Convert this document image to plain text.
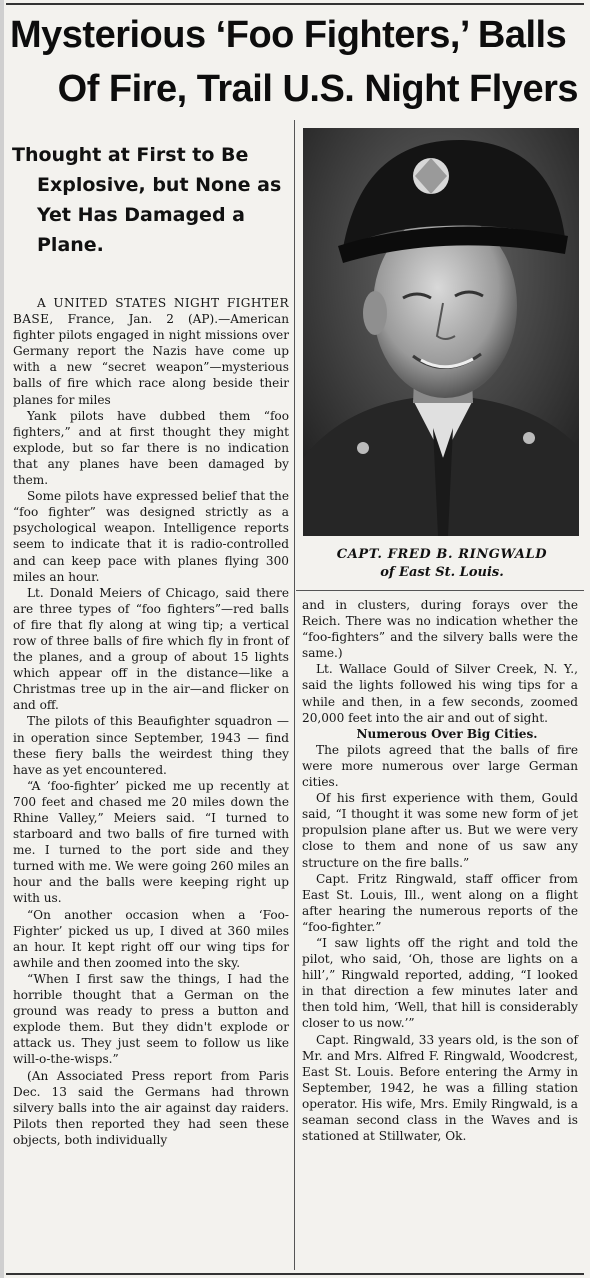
Mysterious ‘Foo Fighters,’ Balls
Of Fire, Trail U.S. Night Flyers
Thought at First to Be
Explosive, but None as
Yet Has Damaged a
Plane.
CAPT. FRED B. RINGWALD
of East St. Louis.

A UNITED STATES NIGHT FIGHTER BASE, France, Jan. 2 (AP).—American fighter pilots engaged in night missions over Germany report the Nazis have come up with a new “secret weapon”—mysterious balls of fire which race along beside their planes for miles

Yank pilots have dubbed them “foo fighters,” and at first thought they might explode, but so far there is no indication that any planes have been damaged by them.

Some pilots have expressed belief that the “foo fighter” was designed strictly as a psychological weapon. Intelligence reports seem to indicate that it is radio-controlled and can keep pace with planes flying 300 miles an hour.

Lt. Donald Meiers of Chicago, said there are three types of “foo fighters”—red balls of fire that fly along at wing tip; a vertical row of three balls of fire which fly in front of the planes, and a group of about 15 lights which appear off in the distance—like a Christmas tree up in the air—and flicker on and off.

The pilots of this Beaufighter squadron — in operation since September, 1943 — find these fiery balls the weirdest thing they have as yet encountered.

“A ‘foo-fighter’ picked me up recently at 700 feet and chased me 20 miles down the Rhine Valley,” Meiers said. “I turned to starboard and two balls of fire turned with me. I turned to the port side and they turned with me. We were going 260 miles an hour and the balls were keeping right up with us.

“On another occasion when a ‘Foo-Fighter’ picked us up, I dived at 360 miles an hour. It kept right off our wing tips for awhile and then zoomed into the sky.

“When I first saw the things, I had the horrible thought that a German on the ground was ready to press a button and explode them. But they didn't explode or attack us. They just seem to follow us like will-o-the-wisps.”

(An Associated Press report from Paris Dec. 13 said the Germans had thrown silvery balls into the air against day raiders. Pilots then reported they had seen these objects, both individually

and in clusters, during forays over the Reich. There was no indication whether the “foo-fighters” and the silvery balls were the same.)

Lt. Wallace Gould of Silver Creek, N. Y., said the lights followed his wing tips for a while and then, in a few seconds, zoomed 20,000 feet into the air and out of sight.

Numerous Over Big Cities.

The pilots agreed that the balls of fire were more numerous over large German cities.

Of his first experience with them, Gould said, “I thought it was some new form of jet propulsion plane after us. But we were very close to them and none of us saw any structure on the fire balls.”

Capt. Fritz Ringwald, staff officer from East St. Louis, Ill., went along on a flight after hearing the numerous reports of the “foo-fighter.”

“I saw lights off the right and told the pilot, who said, ‘Oh, those are lights on a hill’,” Ringwald reported, adding, “I looked in that direction a few minutes later and then told him, ‘Well, that hill is considerably closer to us now.’”

Capt. Ringwald, 33 years old, is the son of Mr. and Mrs. Alfred F. Ringwald, Woodcrest, East St. Louis. Before entering the Army in September, 1942, he was a filling station operator. His wife, Mrs. Emily Ringwald, is a seaman second class in the Waves and is stationed at Stillwater, Ok.
